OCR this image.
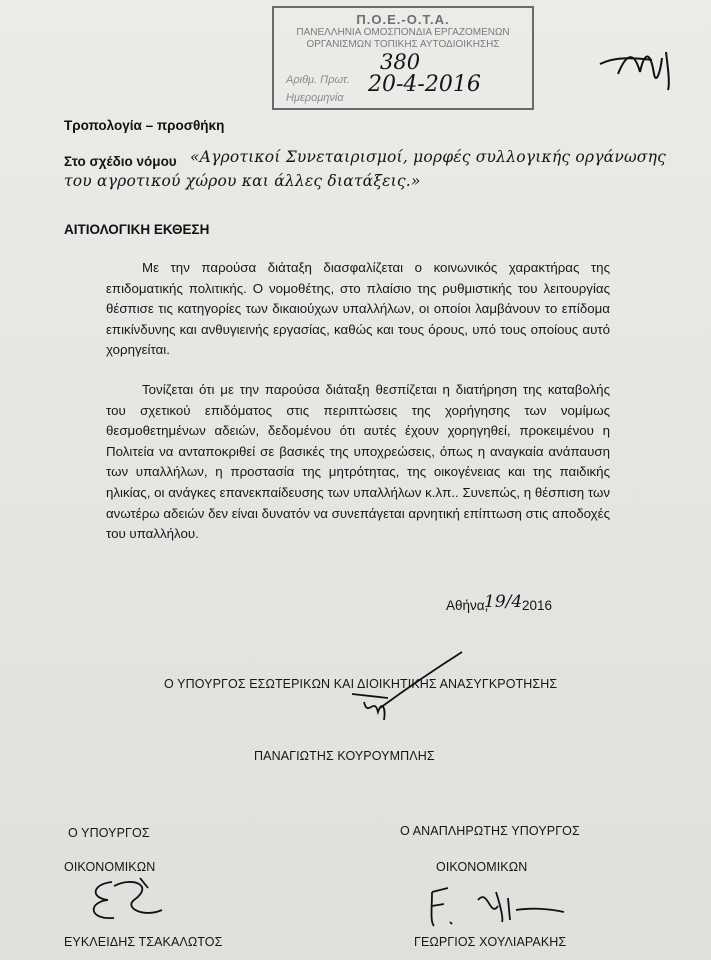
Π.Ο.Ε.-Ο.Τ.Α.
ΠΑΝΕΛΛΗΝΙΑ ΟΜΟΣΠΟΝΔΙΑ ΕΡΓΑΖΟΜΕΝΩΝ
ΟΡΓΑΝΙΣΜΩΝ ΤΟΠΙΚΗΣ ΑΥΤΟΔΙΟΙΚΗΣΗΣ
Αριθμ. Πρωτ.
Ημερομηνία
380
20-4-2016
Τροπολογία – προσθήκη
Στο σχέδιο νόμου «Αγροτικοί Συνεταιρισμοί, μορφές συλλογικής οργάνωσης
του αγροτικού χώρου και άλλες διατάξεις.»
ΑΙΤΙΟΛΟΓΙΚΗ ΕΚΘΕΣΗ
Με την παρούσα διάταξη διασφαλίζεται ο κοινωνικός χαρακτήρας της επιδοματικής πολιτικής. Ο νομοθέτης, στο πλαίσιο της ρυθμιστικής του λειτουργίας θέσπισε τις κατηγορίες των δικαιούχων υπαλλήλων, οι οποίοι λαμβάνουν το επίδομα επικίνδυνης και ανθυγιεινής εργασίας, καθώς και τους όρους, υπό τους οποίους αυτό χορηγείται.
Τονίζεται ότι με την παρούσα διάταξη θεσπίζεται η διατήρηση της καταβολής του σχετικού επιδόματος στις περιπτώσεις της χορήγησης των νομίμως θεσμοθετημένων αδειών, δεδομένου ότι αυτές έχουν χορηγηθεί, προκειμένου η Πολιτεία να ανταποκριθεί σε βασικές της υποχρεώσεις, όπως η αναγκαία ανάπαυση των υπαλλήλων, η προστασία της μητρότητας, της οικογένειας και της παιδικής ηλικίας, οι ανάγκες επανεκπαίδευσης των υπαλλήλων κ.λπ.. Συνεπώς, η θέσπιση των ανωτέρω αδειών δεν είναι δυνατόν να συνεπάγεται αρνητική επίπτωση στις αποδοχές του υπαλλήλου.
Αθήνα,
19/4 2016
Ο ΥΠΟΥΡΓΟΣ ΕΣΩΤΕΡΙΚΩΝ ΚΑΙ ΔΙΟΙΚΗΤΙΚΗΣ ΑΝΑΣΥΓΚΡΟΤΗΣΗΣ
ΠΑΝΑΓΙΩΤΗΣ ΚΟΥΡΟΥΜΠΛΗΣ
Ο ΥΠΟΥΡΓΟΣ
ΟΙΚΟΝΟΜΙΚΩΝ
ΕΥΚΛΕΙΔΗΣ ΤΣΑΚΑΛΩΤΟΣ
Ο ΑΝΑΠΛΗΡΩΤΗΣ ΥΠΟΥΡΓΟΣ
ΟΙΚΟΝΟΜΙΚΩΝ
ΓΕΩΡΓΙΟΣ ΧΟΥΛΙΑΡΑΚΗΣ
